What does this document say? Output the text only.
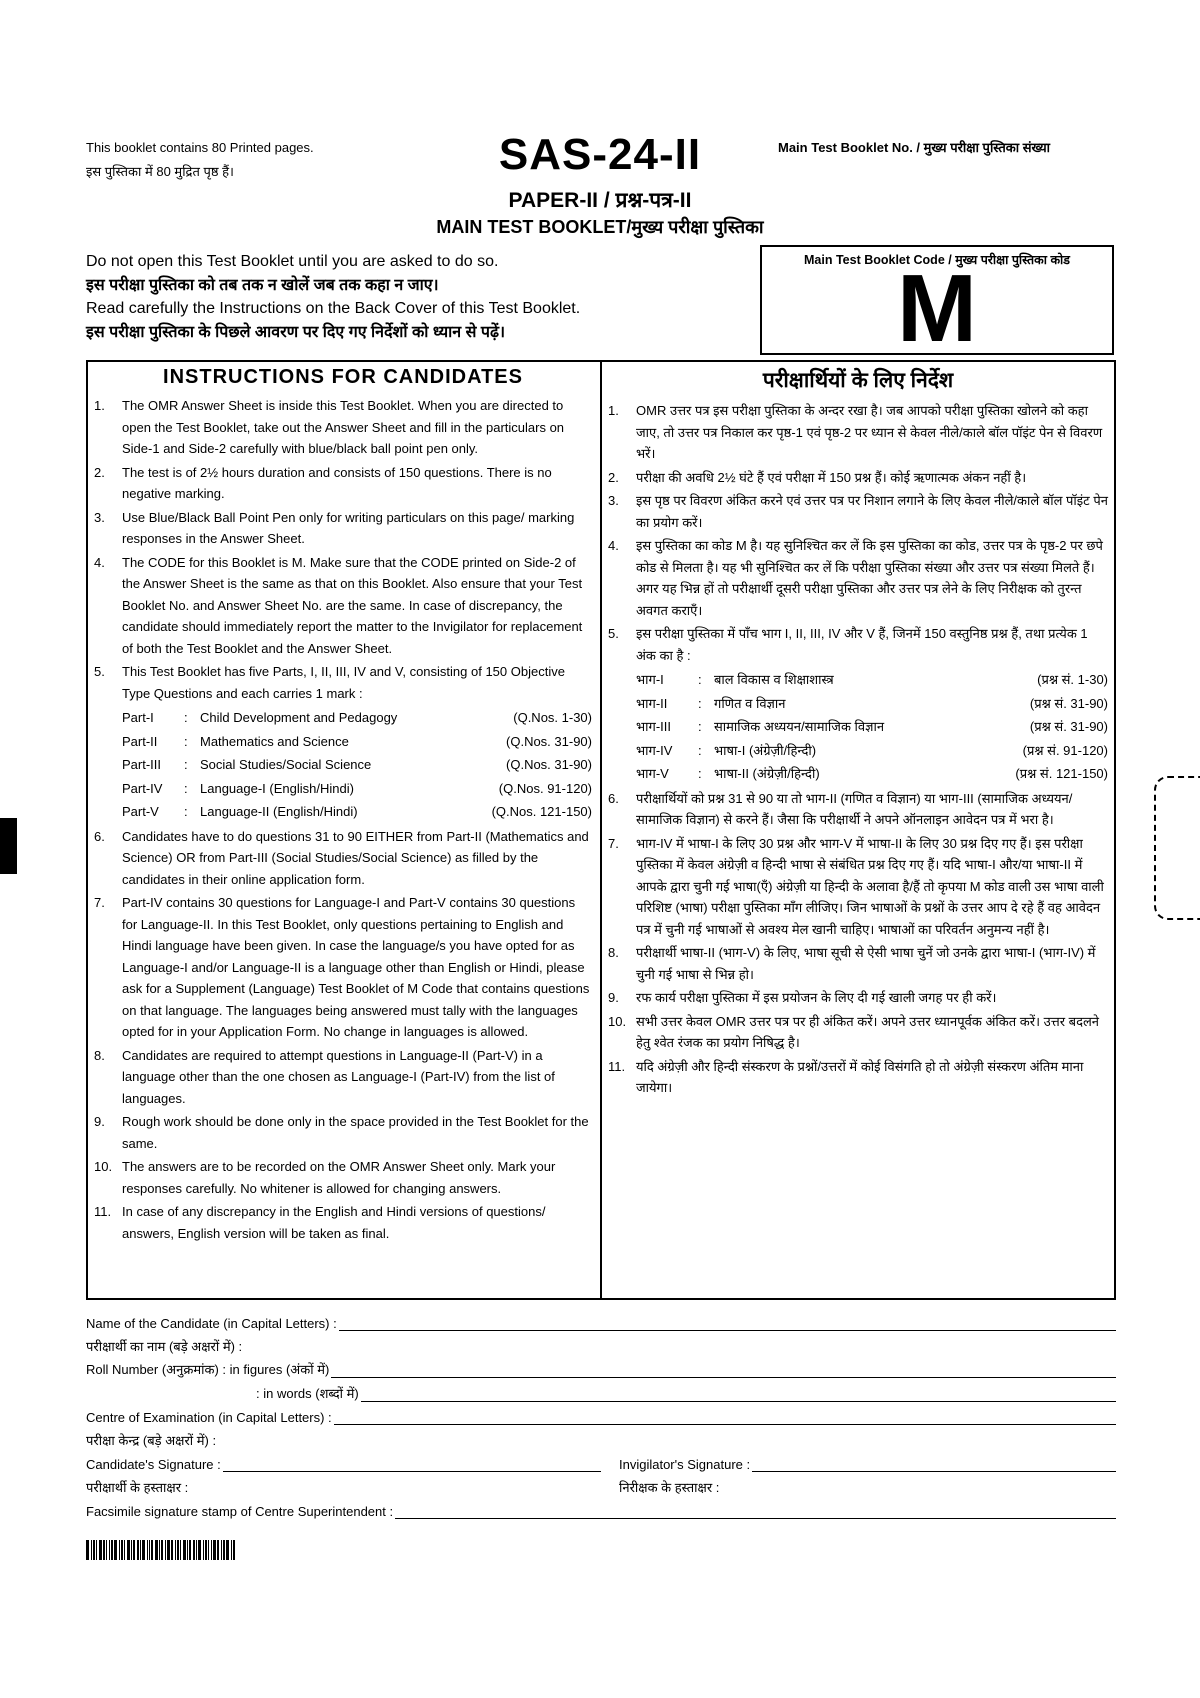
This booklet contains 80 Printed pages.
इस पुस्तिका में 80 मुद्रित पृष्ठ हैं।	SAS-24-II
PAPER-II / प्रश्न-पत्र-II
MAIN TEST BOOKLET/मुख्य परीक्षा पुस्तिका
Main Test Booklet No. / मुख्य परीक्षा पुस्तिका संख्या
Do not open this Test Booklet until you are asked to do so.
इस परीक्षा पुस्तिका को तब तक न खोलें जब तक कहा न जाए।
Read carefully the Instructions on the Back Cover of this Test Booklet.
इस परीक्षा पुस्तिका के पिछले आवरण पर दिए गए निर्देशों को ध्यान से पढ़ें।
Main Test Booklet Code / मुख्य परीक्षा पुस्तिका कोड
M
INSTRUCTIONS FOR CANDIDATES
1.	The OMR Answer Sheet is inside this Test Booklet. When you are directed to open the Test Booklet, take out the Answer Sheet and fill in the particulars on Side-1 and Side-2 carefully with blue/black ball point pen only.
2.	The test is of 2½ hours duration and consists of 150 questions. There is no negative marking.
3.	Use Blue/Black Ball Point Pen only for writing particulars on this page/ marking responses in the Answer Sheet.
4.	The CODE for this Booklet is M. Make sure that the CODE printed on Side-2 of the Answer Sheet is the same as that on this Booklet. Also ensure that your Test Booklet No. and Answer Sheet No. are the same. In case of discrepancy, the candidate should immediately report the matter to the Invigilator for replacement of both the Test Booklet and the Answer Sheet.
5.	This Test Booklet has five Parts, I, II, III, IV and V, consisting of 150 Objective Type Questions and each carries 1 mark :
Part-I	: Child Development and Pedagogy	(Q.Nos. 1-30)
Part-II	: Mathematics and Science	(Q.Nos. 31-90)
Part-III	: Social Studies/Social Science	(Q.Nos. 31-90)
Part-IV	: Language-I (English/Hindi)	(Q.Nos. 91-120)
Part-V	: Language-II (English/Hindi)	(Q.Nos. 121-150)
6.	Candidates have to do questions 31 to 90 EITHER from Part-II (Mathematics and Science) OR from Part-III (Social Studies/Social Science) as filled by the candidates in their online application form.
7.	Part-IV contains 30 questions for Language-I and Part-V contains 30 questions for Language-II. In this Test Booklet, only questions pertaining to English and Hindi language have been given. In case the language/s you have opted for as Language-I and/or Language-II is a language other than English or Hindi, please ask for a Supplement (Language) Test Booklet of M Code that contains questions on that language. The languages being answered must tally with the languages opted for in your Application Form. No change in languages is allowed.
8.	Candidates are required to attempt questions in Language-II (Part-V) in a language other than the one chosen as Language-I (Part-IV) from the list of languages.
9.	Rough work should be done only in the space provided in the Test Booklet for the same.
10. The answers are to be recorded on the OMR Answer Sheet only. Mark your responses carefully. No whitener is allowed for changing answers.
11. In case of any discrepancy in the English and Hindi versions of questions/ answers, English version will be taken as final.
परीक्षार्थियों के लिए निर्देश
1.	OMR उत्तर पत्र इस परीक्षा पुस्तिका के अन्दर रखा है। जब आपको परीक्षा पुस्तिका खोलने को कहा जाए, तो उत्तर पत्र निकाल कर पृष्ठ-1 एवं पृष्ठ-2 पर ध्यान से केवल नीले/काले बॉल पॉइंट पेन से विवरण भरें।
2.	परीक्षा की अवधि 2½ घंटे हैं एवं परीक्षा में 150 प्रश्न हैं। कोई ऋणात्मक अंकन नहीं है।
3.	इस पृष्ठ पर विवरण अंकित करने एवं उत्तर पत्र पर निशान लगाने के लिए केवल नीले/काले बॉल पॉइंट पेन का प्रयोग करें।
4.	इस पुस्तिका का कोड M है। यह सुनिश्चित कर लें कि इस पुस्तिका का कोड, उत्तर पत्र के पृष्ठ-2 पर छपे कोड से मिलता है। यह भी सुनिश्चित कर लें कि परीक्षा पुस्तिका संख्या और उत्तर पत्र संख्या मिलते हैं। अगर यह भिन्न हों तो परीक्षार्थी दूसरी परीक्षा पुस्तिका और उत्तर पत्र लेने के लिए निरीक्षक को तुरन्त अवगत कराएँ।
5.	इस परीक्षा पुस्तिका में पाँच भाग I, II, III, IV और V हैं, जिनमें 150 वस्तुनिष्ठ प्रश्न हैं, तथा प्रत्येक 1 अंक का है :
भाग-I	: बाल विकास व शिक्षाशास्त्र	(प्रश्न सं. 1-30)
भाग-II	: गणित व विज्ञान	(प्रश्न सं. 31-90)
भाग-III	: सामाजिक अध्ययन/सामाजिक विज्ञान	(प्रश्न सं. 31-90)
भाग-IV	: भाषा-I (अंग्रेज़ी/हिन्दी)	(प्रश्न सं. 91-120)
भाग-V	: भाषा-II (अंग्रेज़ी/हिन्दी)	(प्रश्न सं. 121-150)
6.	परीक्षार्थियों को प्रश्न 31 से 90 या तो भाग-II (गणित व विज्ञान) या भाग-III (सामाजिक अध्ययन/सामाजिक विज्ञान) से करने हैं। जैसा कि परीक्षार्थी ने अपने ऑनलाइन आवेदन पत्र में भरा है।
7.	भाग-IV में भाषा-I के लिए 30 प्रश्न और भाग-V में भाषा-II के लिए 30 प्रश्न दिए गए हैं। इस परीक्षा पुस्तिका में केवल अंग्रेज़ी व हिन्दी भाषा से संबंधित प्रश्न दिए गए हैं। यदि भाषा-I और/या भाषा-II में आपके द्वारा चुनी गई भाषा(एँ) अंग्रेज़ी या हिन्दी के अलावा है/हैं तो कृपया M कोड वाली उस भाषा वाली परिशिष्ट (भाषा) परीक्षा पुस्तिका माँग लीजिए। जिन भाषाओं के प्रश्नों के उत्तर आप दे रहे हैं वह आवेदन पत्र में चुनी गई भाषाओं से अवश्य मेल खानी चाहिए। भाषाओं का परिवर्तन अनुमन्य नहीं है।
8.	परीक्षार्थी भाषा-II (भाग-V) के लिए, भाषा सूची से ऐसी भाषा चुनें जो उनके द्वारा भाषा-I (भाग-IV) में चुनी गई भाषा से भिन्न हो।
9.	रफ कार्य परीक्षा पुस्तिका में इस प्रयोजन के लिए दी गई खाली जगह पर ही करें।
10. सभी उत्तर केवल OMR उत्तर पत्र पर ही अंकित करें। अपने उत्तर ध्यानपूर्वक अंकित करें। उत्तर बदलने हेतु श्वेत रंजक का प्रयोग निषिद्ध है।
11. यदि अंग्रेज़ी और हिन्दी संस्करण के प्रश्नों/उत्तरों में कोई विसंगति हो तो अंग्रेज़ी संस्करण अंतिम माना जायेगा।
Name of the Candidate (in Capital Letters) :
परीक्षार्थी का नाम (बड़े अक्षरों में) :
Roll Number (अनुक्रमांक) : in figures (अंकों में)
: in words (शब्दों में)
Centre of Examination (in Capital Letters) :
परीक्षा केन्द्र (बड़े अक्षरों में) :
Candidate's Signature :	Invigilator's Signature :
परीक्षार्थी के हस्ताक्षर :	निरीक्षक के हस्ताक्षर :
Facsimile signature stamp of Centre Superintendent :
